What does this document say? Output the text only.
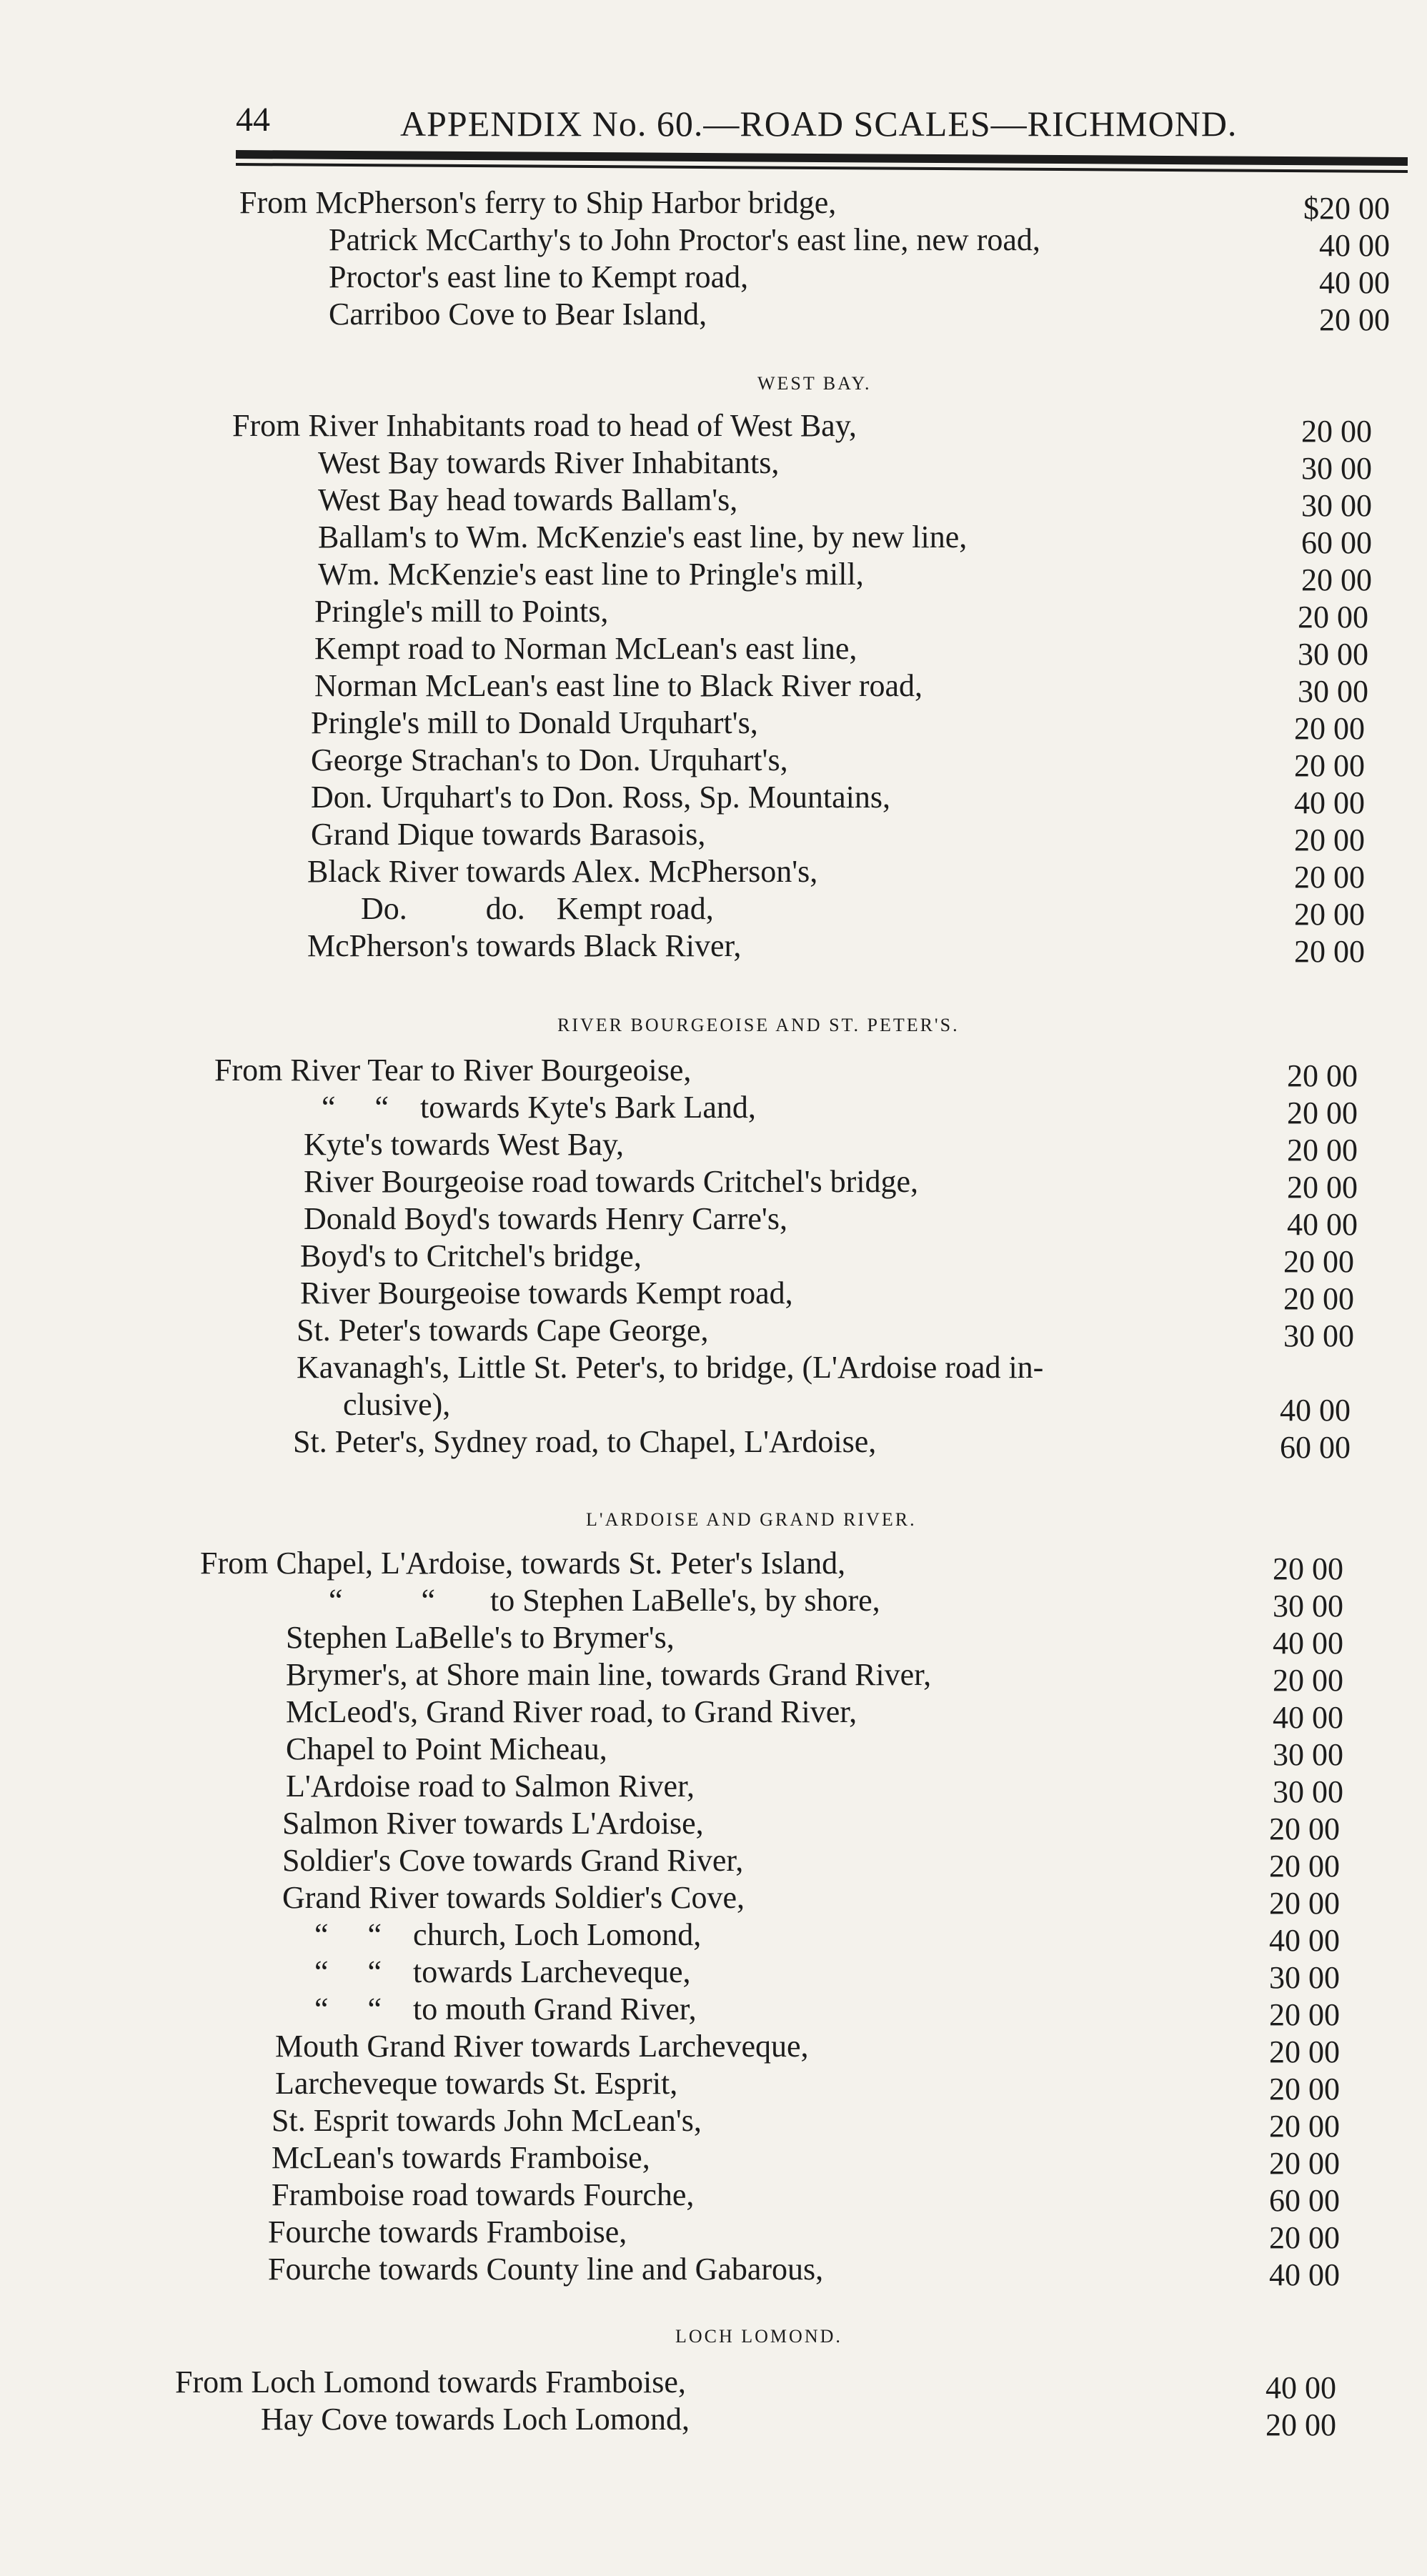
44	APPENDIX No. 60.—ROAD SCALES—RICHMOND.
From McPherson's ferry to Ship Harbor bridge,	$20 00
Patrick McCarthy's to John Proctor's east line, new road,	40 00
Proctor's east line to Kempt road,	40 00
Carriboo Cove to Bear Island,	20 00
WEST BAY.
From River Inhabitants road to head of West Bay,	20 00
West Bay towards River Inhabitants,	30 00
West Bay head towards Ballam's,	30 00
Ballam's to Wm. McKenzie's east line, by new line,	60 00
Wm. McKenzie's east line to Pringle's mill,	20 00
Pringle's mill to Points,	20 00
Kempt road to Norman McLean's east line,	30 00
Norman McLean's east line to Black River road,	30 00
Pringle's mill to Donald Urquhart's,	20 00
George Strachan's to Don. Urquhart's,	20 00
Don. Urquhart's to Don. Ross, Sp. Mountains,	40 00
Grand Dique towards Barasois,	20 00
Black River towards Alex. McPherson's,	20 00
Do.          do.    Kempt road,	20 00
McPherson's towards Black River,	20 00
RIVER BOURGEOISE AND ST. PETER'S.
From River Tear to River Bourgeoise,	20 00
“     “    towards Kyte's Bark Land,	20 00
Kyte's towards West Bay,	20 00
River Bourgeoise road towards Critchel's bridge,	20 00
Donald Boyd's towards Henry Carre's,	40 00
Boyd's to Critchel's bridge,	20 00
River Bourgeoise towards Kempt road,	20 00
St. Peter's towards Cape George,	30 00
Kavanagh's, Little St. Peter's, to bridge, (L'Ardoise road in-
clusive),	40 00
St. Peter's, Sydney road, to Chapel, L'Ardoise,	60 00
L'ARDOISE AND GRAND RIVER.
From Chapel, L'Ardoise, towards St. Peter's Island,	20 00
“          “       to Stephen LaBelle's, by shore,	30 00
Stephen LaBelle's to Brymer's,	40 00
Brymer's, at Shore main line, towards Grand River,	20 00
McLeod's, Grand River road, to Grand River,	40 00
Chapel to Point Micheau,	30 00
L'Ardoise road to Salmon River,	30 00
Salmon River towards L'Ardoise,	20 00
Soldier's Cove towards Grand River,	20 00
Grand River towards Soldier's Cove,	20 00
“     “    church, Loch Lomond,	40 00
“     “    towards Larcheveque,	30 00
“     “    to mouth Grand River,	20 00
Mouth Grand River towards Larcheveque,	20 00
Larcheveque towards St. Esprit,	20 00
St. Esprit towards John McLean's,	20 00
McLean's towards Framboise,	20 00
Framboise road towards Fourche,	60 00
Fourche towards Framboise,	20 00
Fourche towards County line and Gabarous,	40 00
LOCH LOMOND.
From Loch Lomond towards Framboise,	40 00
Hay Cove towards Loch Lomond,	20 00
